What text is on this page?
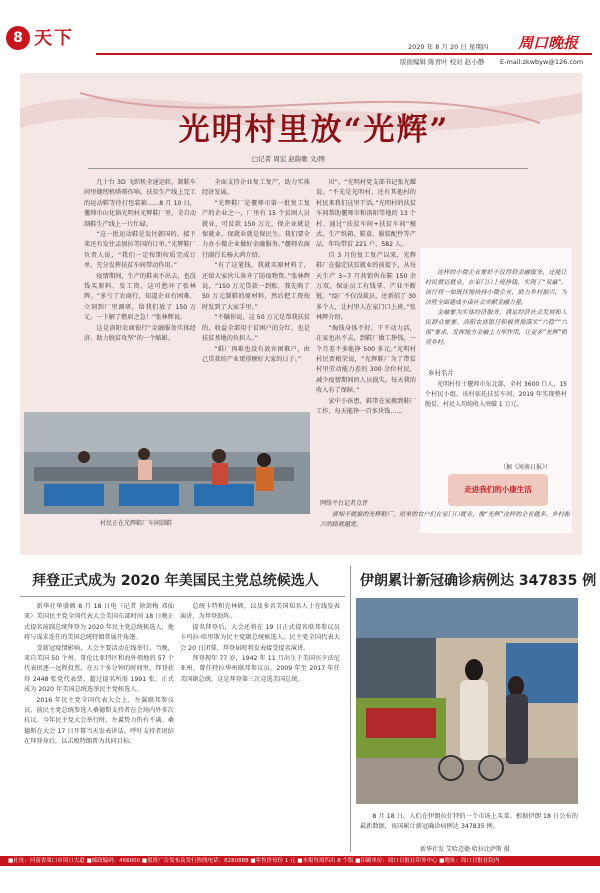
8 天下	周口晚报
2020 年 8 月 20 日 星期四
版面编辑 陈青叶 校对 赵小静 E-mail:zkwbyw@126.com
光明村里放“光辉”
□记者 周宏 赵韵歌 文/图

几十台 3D 飞织机全速运转，制鞋车间里缝纫机嗒嗒作响。扶贫生产线上完工的运动鞋等待打包装箱……8 月 10 日，偃师市山化镇光明村光辉鞋厂里，全自动制鞋生产线上一片忙碌。

“这一批运动鞋是发往韩国的，接下来还有发往孟加拉等国的订单。”光辉鞋厂负责人说，“我们一定按期按质完成订单，充分发挥扶贫车间带动作用。”

疫情期间，生产的鞋卖不出去，也没钱买原料、发工资，这可愁坏了张林辉。“多亏了农商行，知道企业有困难，立刻到厂里调研，给我们放了 150 万元，一下解了燃眉之急！”张林辉说。

这是洛阳农商银行“金融服务实体经济、助力脱贫攻坚”的一个缩影。

全面支持企业复工复产，助力实体经济发展。

“光辉鞋厂是偃师市第一批复工复产的企业之一，厂里有 15 个贫困人员就业，可贫款 150 万元，保企业就是保就业，保就业就是保民生。我们要全力办小微企业做好金融服务。”偃师农商行副行长杨大鸿介绍。

“有了这笔钱，我就买原材料了，还给大家伙儿备齐了防疫物资。”张林辉说，“150 万元贷款一到账，我先购了 50 万元制鞋的原材料，然后把工资按时发到了大家手里。”

“不瞒你说，这 50 万元是帮我扶贫的，收益全部用于贫困户的分红，也是扶贫基地的负担人。”

“鞋厂再难也没有放弃困难户，由己贷款的产业更得顾好大家的日子。”

田”。“光明村党支部书记张光耀说。“不光是光明村，还有其他村的村民来我们这里干活。”光明村的扶贫车间帮助偃师市和洛阳等地的 13 个村、通过“扶贫车间+扶贫车间”模式，生产纸箱、鞋盒、服装配件等产品，年均带贫 221 户、582 人。

自 3 月份复工复产以来，光辉鞋厂在稳定扶贫就业的前提下，从每天生产 3~7 月共销售布鞋 150 余万双，保证员工有钱拿、产业不断链。“疫厂不仅没裁员，还新招了 30 多个人，让村里人在家门口上班。”张林辉介绍。

“掏钱身体不好，干不动力活，在家也出不去，到鞋厂做工挣钱，一个月差不多能挣 500 多元。”光明村村民贾根荣说，“光辉鞋厂为了带贫村里劳动能力差的 300 余位村民，减少疫情期间的人员损失，每天我的收入有了保障。”

家中小孩患，鞋带在家搬到鞋厂工作，每天能挣一百多块钱……

村民正在光辉鞋厂车间制鞋

这样的小微企业要好不仅得到金融服务，还能让村民就近就业，在家门口上班挣钱，实现了“双赢”。该行将一如既往地扶持小微企业，助力乡村振兴，为决胜全面建成小康社会贡献金融力量。

金融要为实体经济服务，满足经济社会发展和人民群众需要。洛阳农商银行积极贯彻落实“六稳”“六保”要求，发挥地方金融主力军作用，让更多“光辉”照亮乡村。

乡村名片

光明村位于偃师市东北部，全村 3600 口人，15 个村民小组。该村依托扶贫车间，2019 年实现整村脱贫，村民人均纯收入突破 1 万元。

（据《河南日报》）
走进我们的小康生活
网络平台记者点评

唐知不就聚的光辉鞋厂，原来的农户们在家门口就业，像“光辉”这样的企业越多，乡村振兴的路就越宽。

拜登正式成为 2020 年美国民主党总统候选人

新华社华盛顿 8 月 18 日电（记者 徐剑梅 邓仙来）美国民主党全国代表大会美国东部时间 18 日晚正式提名前副总统拜登为 2020 年民主党总统候选人，他将与谋求连任的美国总统特朗普展开角逐。

受新冠疫情影响，大会主要活动在线举行。当晚，来自美国 50 个州、哥伦比亚特区和海外领地的 57 个代表团逐一远程投票，在五十多分钟的时间里，拜登获得 2448 张党代表票，超过提名所需 1991 张，正式成为 2020 年美国总统选举民主党候选人。

2016 年民主党全国代表大会上，左翼联邦参议员、前民主党总统参选人桑德斯支持者在会场内外多次抗议。今年民主党大会举行时，左翼势力仍有不满。桑德斯在大会 17 日开幕当天发表讲话，呼吁支持者团结在拜登身后，以击败特朗普为共同目标。

总统卡特和克林顿，以及多名美国知名人士在线发表演讲，为拜登助阵。

提名拜登后，大会还将在 19 日正式提名联邦参议员卡玛拉·哈里斯为民主党副总统候选人。民主党全国代表大会 20 日闭幕，拜登届时将发表接受提名演讲。

拜登现年 77 岁，1942 年 11 月出生于美国宾夕法尼亚州，曾任特拉华州联邦参议员，2009 年至 2017 年任美国副总统。这是拜登第三次竞选美国总统。

伊朗累计新冠确诊病例达 347835 例

8 月 18 日，人们在伊朗拉什特的一个市场上买菜。根据伊朗 18 日公布的最新数据，该国累计新冠确诊病例达 347835 例。

新华社发 艾哈迈德·哈拉比萨斯 摄
■社址：河南省周口市周口大道 ■邮政编码：466000 ■值班广告发布及发行热线电话：8280888 ■零售价每份 1 元 ■本报每周四出 8 个版 ■印刷单位：周口日报社印务中心 ■地址：周口日报社院内
